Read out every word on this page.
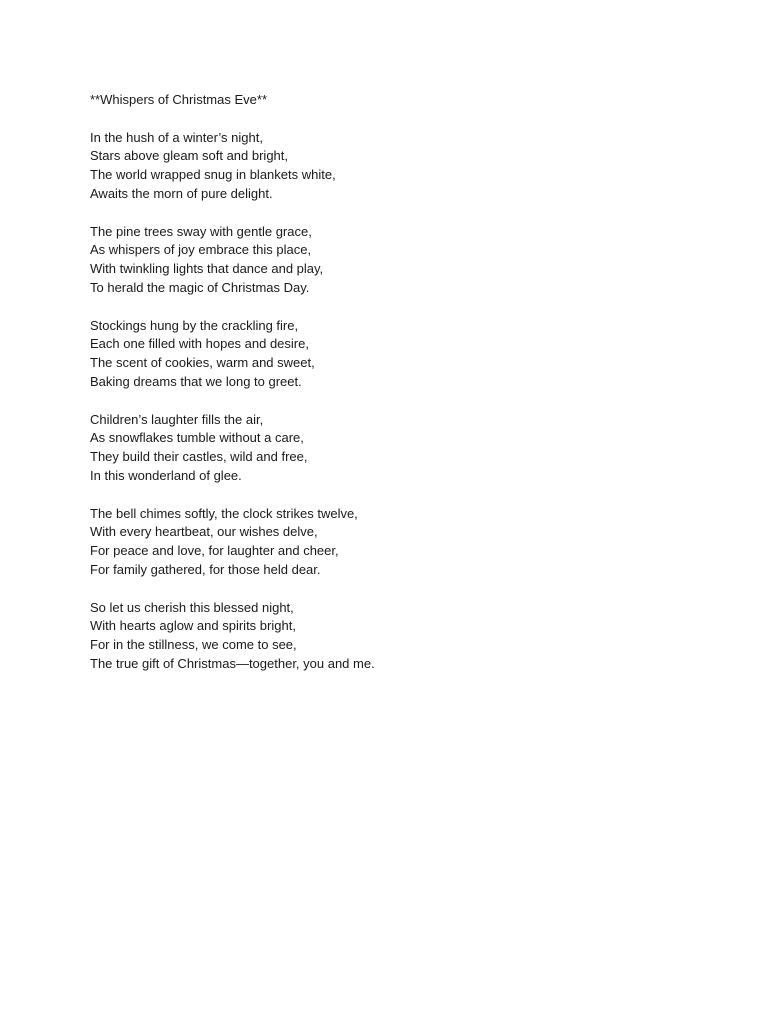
**Whispers of Christmas Eve**

In the hush of a winter’s night,
Stars above gleam soft and bright,
The world wrapped snug in blankets white,
Awaits the morn of pure delight.
The pine trees sway with gentle grace,
As whispers of joy embrace this place,
With twinkling lights that dance and play,
To herald the magic of Christmas Day.
Stockings hung by the crackling fire,
Each one filled with hopes and desire,
The scent of cookies, warm and sweet,
Baking dreams that we long to greet.
Children’s laughter fills the air,
As snowflakes tumble without a care,
They build their castles, wild and free,
In this wonderland of glee.
The bell chimes softly, the clock strikes twelve,
With every heartbeat, our wishes delve,
For peace and love, for laughter and cheer,
For family gathered, for those held dear.
So let us cherish this blessed night,
With hearts aglow and spirits bright,
For in the stillness, we come to see,
The true gift of Christmas—together, you and me.
